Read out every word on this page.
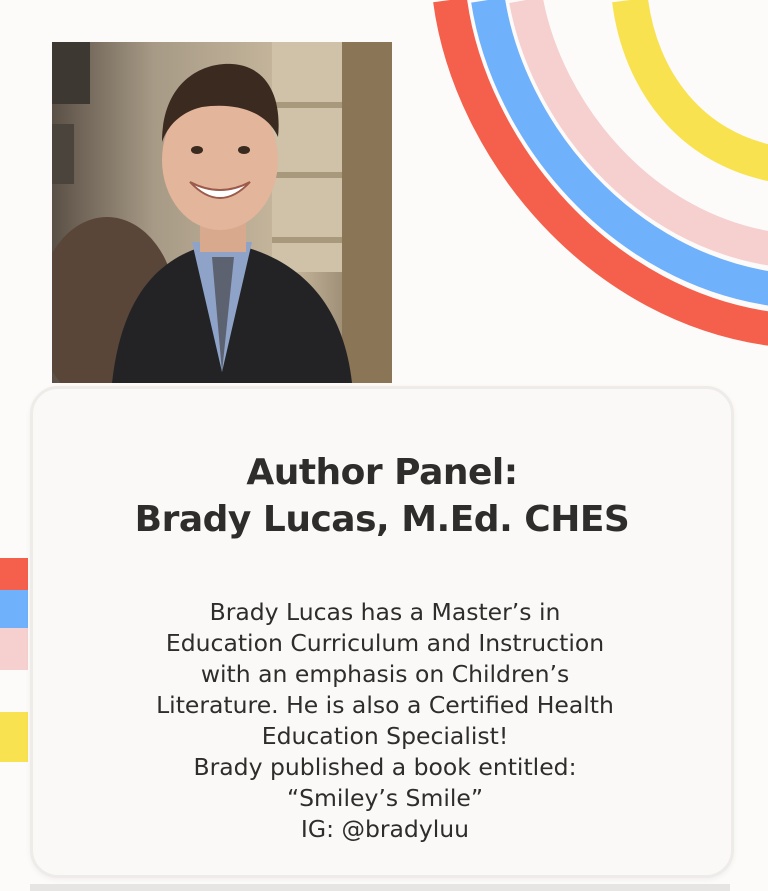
Author Panel:
Brady Lucas, M.Ed. CHES
Brady Lucas has a Master’s in
Education Curriculum and Instruction
with an emphasis on Children’s
Literature. He is also a Certified Health
Education Specialist!
Brady published a book entitled:
“Smiley’s Smile”
IG: @bradyluu
